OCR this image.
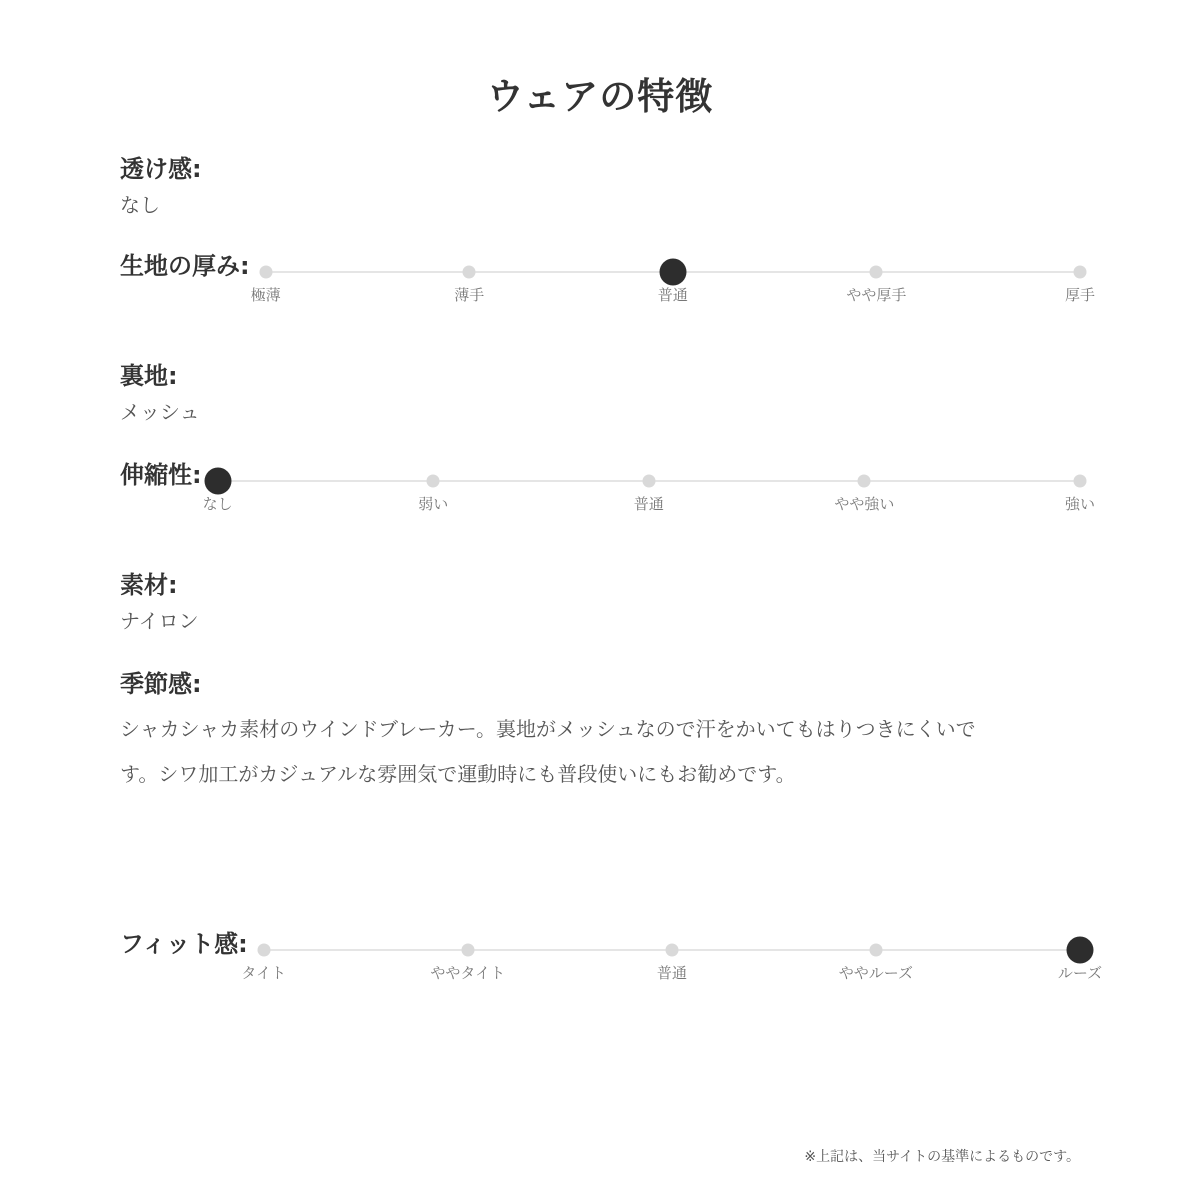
ウェアの特徴
透け感:

なし

生地の厚み:
極薄	薄手	普通	やや厚手	厚手
裏地:

メッシュ

伸縮性:
なし	弱い	普通	やや強い	強い
素材:

ナイロン

季節感:

シャカシャカ素材のウインドブレーカー。裏地がメッシュなので汗をかいてもはりつきにくいです。シワ加工がカジュアルな雰囲気で運動時にも普段使いにもお勧めです。

フィット感:
タイト	ややタイト	普通	ややルーズ	ルーズ

※上記は、当サイトの基準によるものです。
